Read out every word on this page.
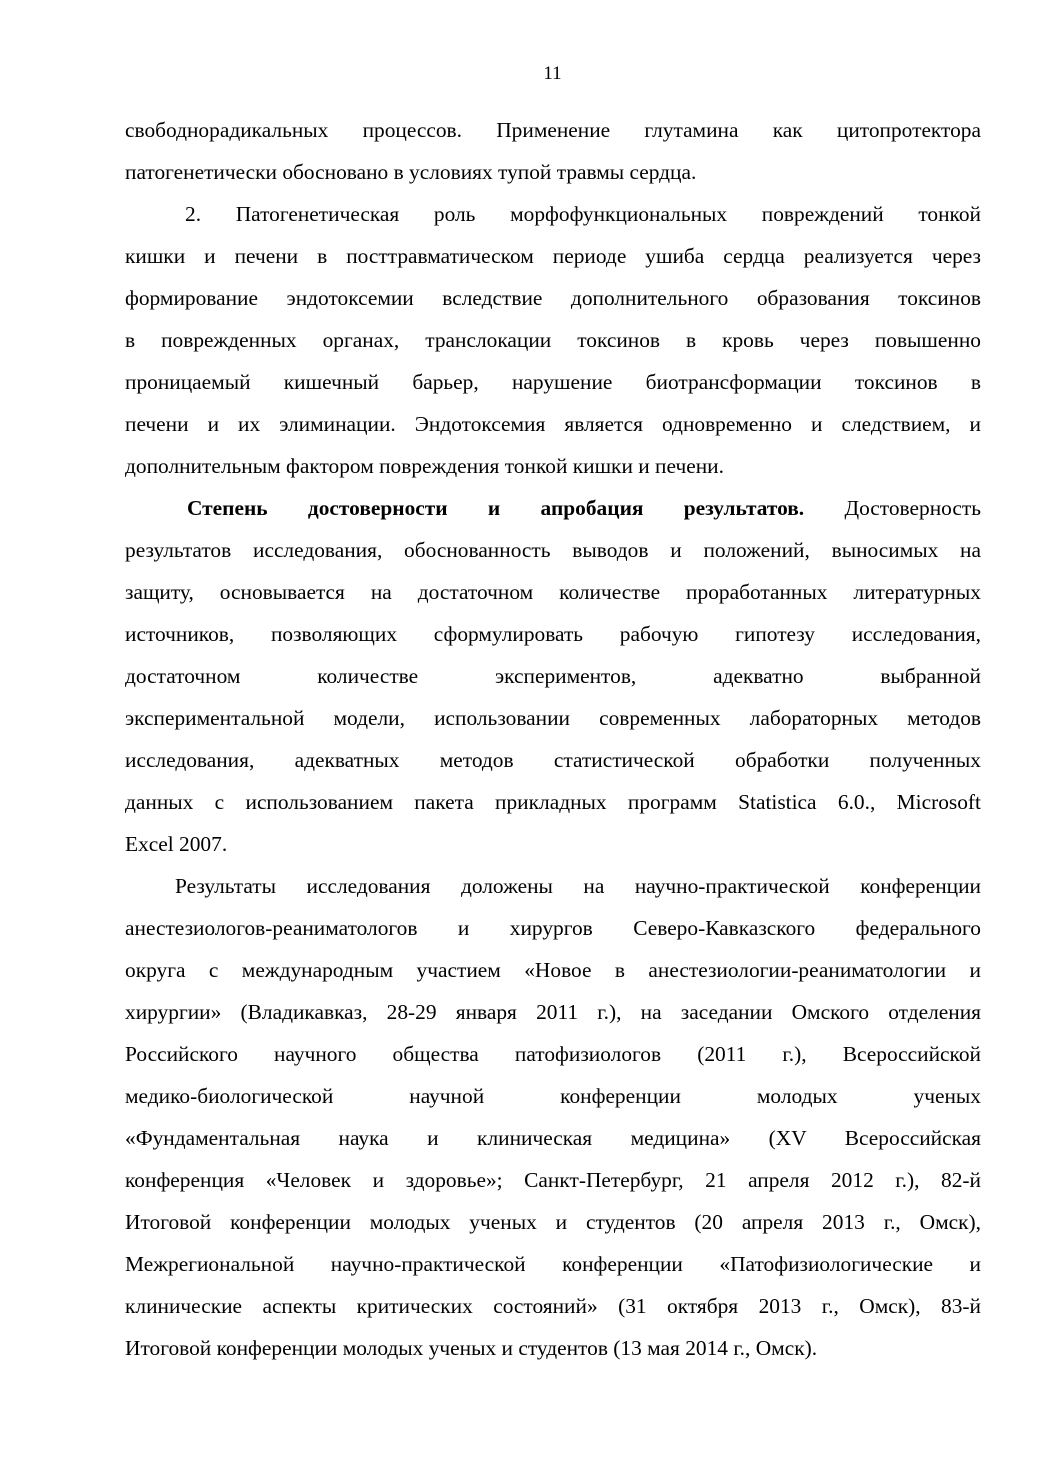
11
свободнорадикальных процессов. Применение глутамина как цитопротектора
патогенетически обосновано в условиях тупой травмы сердца.
2. Патогенетическая роль морфофункциональных повреждений тонкой
кишки и печени в посттравматическом периоде ушиба сердца реализуется через
формирование эндотоксемии вследствие дополнительного образования токсинов
в поврежденных органах, транслокации токсинов в кровь через повышенно
проницаемый кишечный барьер, нарушение биотрансформации токсинов в
печени и их элиминации. Эндотоксемия является одновременно и следствием, и
дополнительным фактором повреждения тонкой кишки и печени.
Степень достоверности и апробация результатов. Достоверность
результатов исследования, обоснованность выводов и положений, выносимых на
защиту, основывается на достаточном количестве проработанных литературных
источников, позволяющих сформулировать рабочую гипотезу исследования,
достаточном количестве экспериментов, адекватно выбранной
экспериментальной модели, использовании современных лабораторных методов
исследования, адекватных методов статистической обработки полученных
данных с использованием пакета прикладных программ Statistica 6.0., Microsoft
Excel 2007.
Результаты исследования доложены на научно-практической конференции
анестезиологов-реаниматологов и хирургов Северо-Кавказского федерального
округа с международным участием «Новое в анестезиологии-реаниматологии и
хирургии» (Владикавказ, 28-29 января 2011 г.), на заседании Омского отделения
Российского научного общества патофизиологов (2011 г.), Всероссийской
медико-биологической научной конференции молодых ученых
«Фундаментальная наука и клиническая медицина» (XV Всероссийская
конференция «Человек и здоровье»; Санкт-Петербург, 21 апреля 2012 г.), 82-й
Итоговой конференции молодых ученых и студентов (20 апреля 2013 г., Омск),
Межрегиональной научно-практической конференции «Патофизиологические и
клинические аспекты критических состояний» (31 октября 2013 г., Омск), 83-й
Итоговой конференции молодых ученых и студентов (13 мая 2014 г., Омск).
